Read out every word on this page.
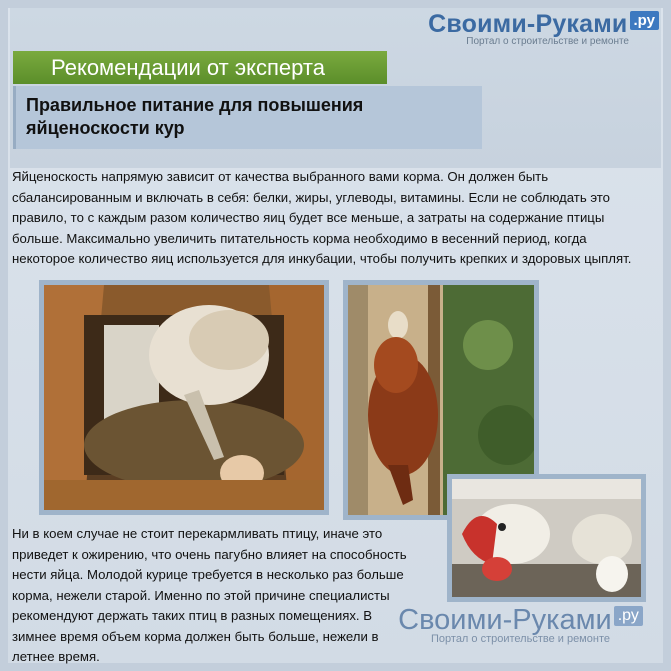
Своими-Руками .ру
Портал о строительстве и ремонте
Рекомендации от эксперта
Правильное питание для повышения яйценоскости кур
Яйценоскость напрямую зависит от качества выбранного вами корма. Он должен быть сбалансированным и включать в себя: белки, жиры, углеводы, витамины. Если не соблюдать это правило, то с каждым разом количество яиц будет все меньше, а затраты на содержание птицы больше. Максимально увеличить питательность корма необходимо в весенний период, когда некоторое количество яиц используется для инкубации, чтобы получить крепких и здоровых цыплят.
Ни в коем случае не стоит перекармливать птицу, иначе это приведет к ожирению, что очень пагубно влияет на способность нести яйца. Молодой курице требуется в несколько раз больше корма, нежели старой. Именно по этой причине специалисты рекомендуют держать таких птиц в разных помещениях. В зимнее время объем корма должен быть больше, нежели в летнее время.
Своими-Руками .ру
Портал о строительстве и ремонте
